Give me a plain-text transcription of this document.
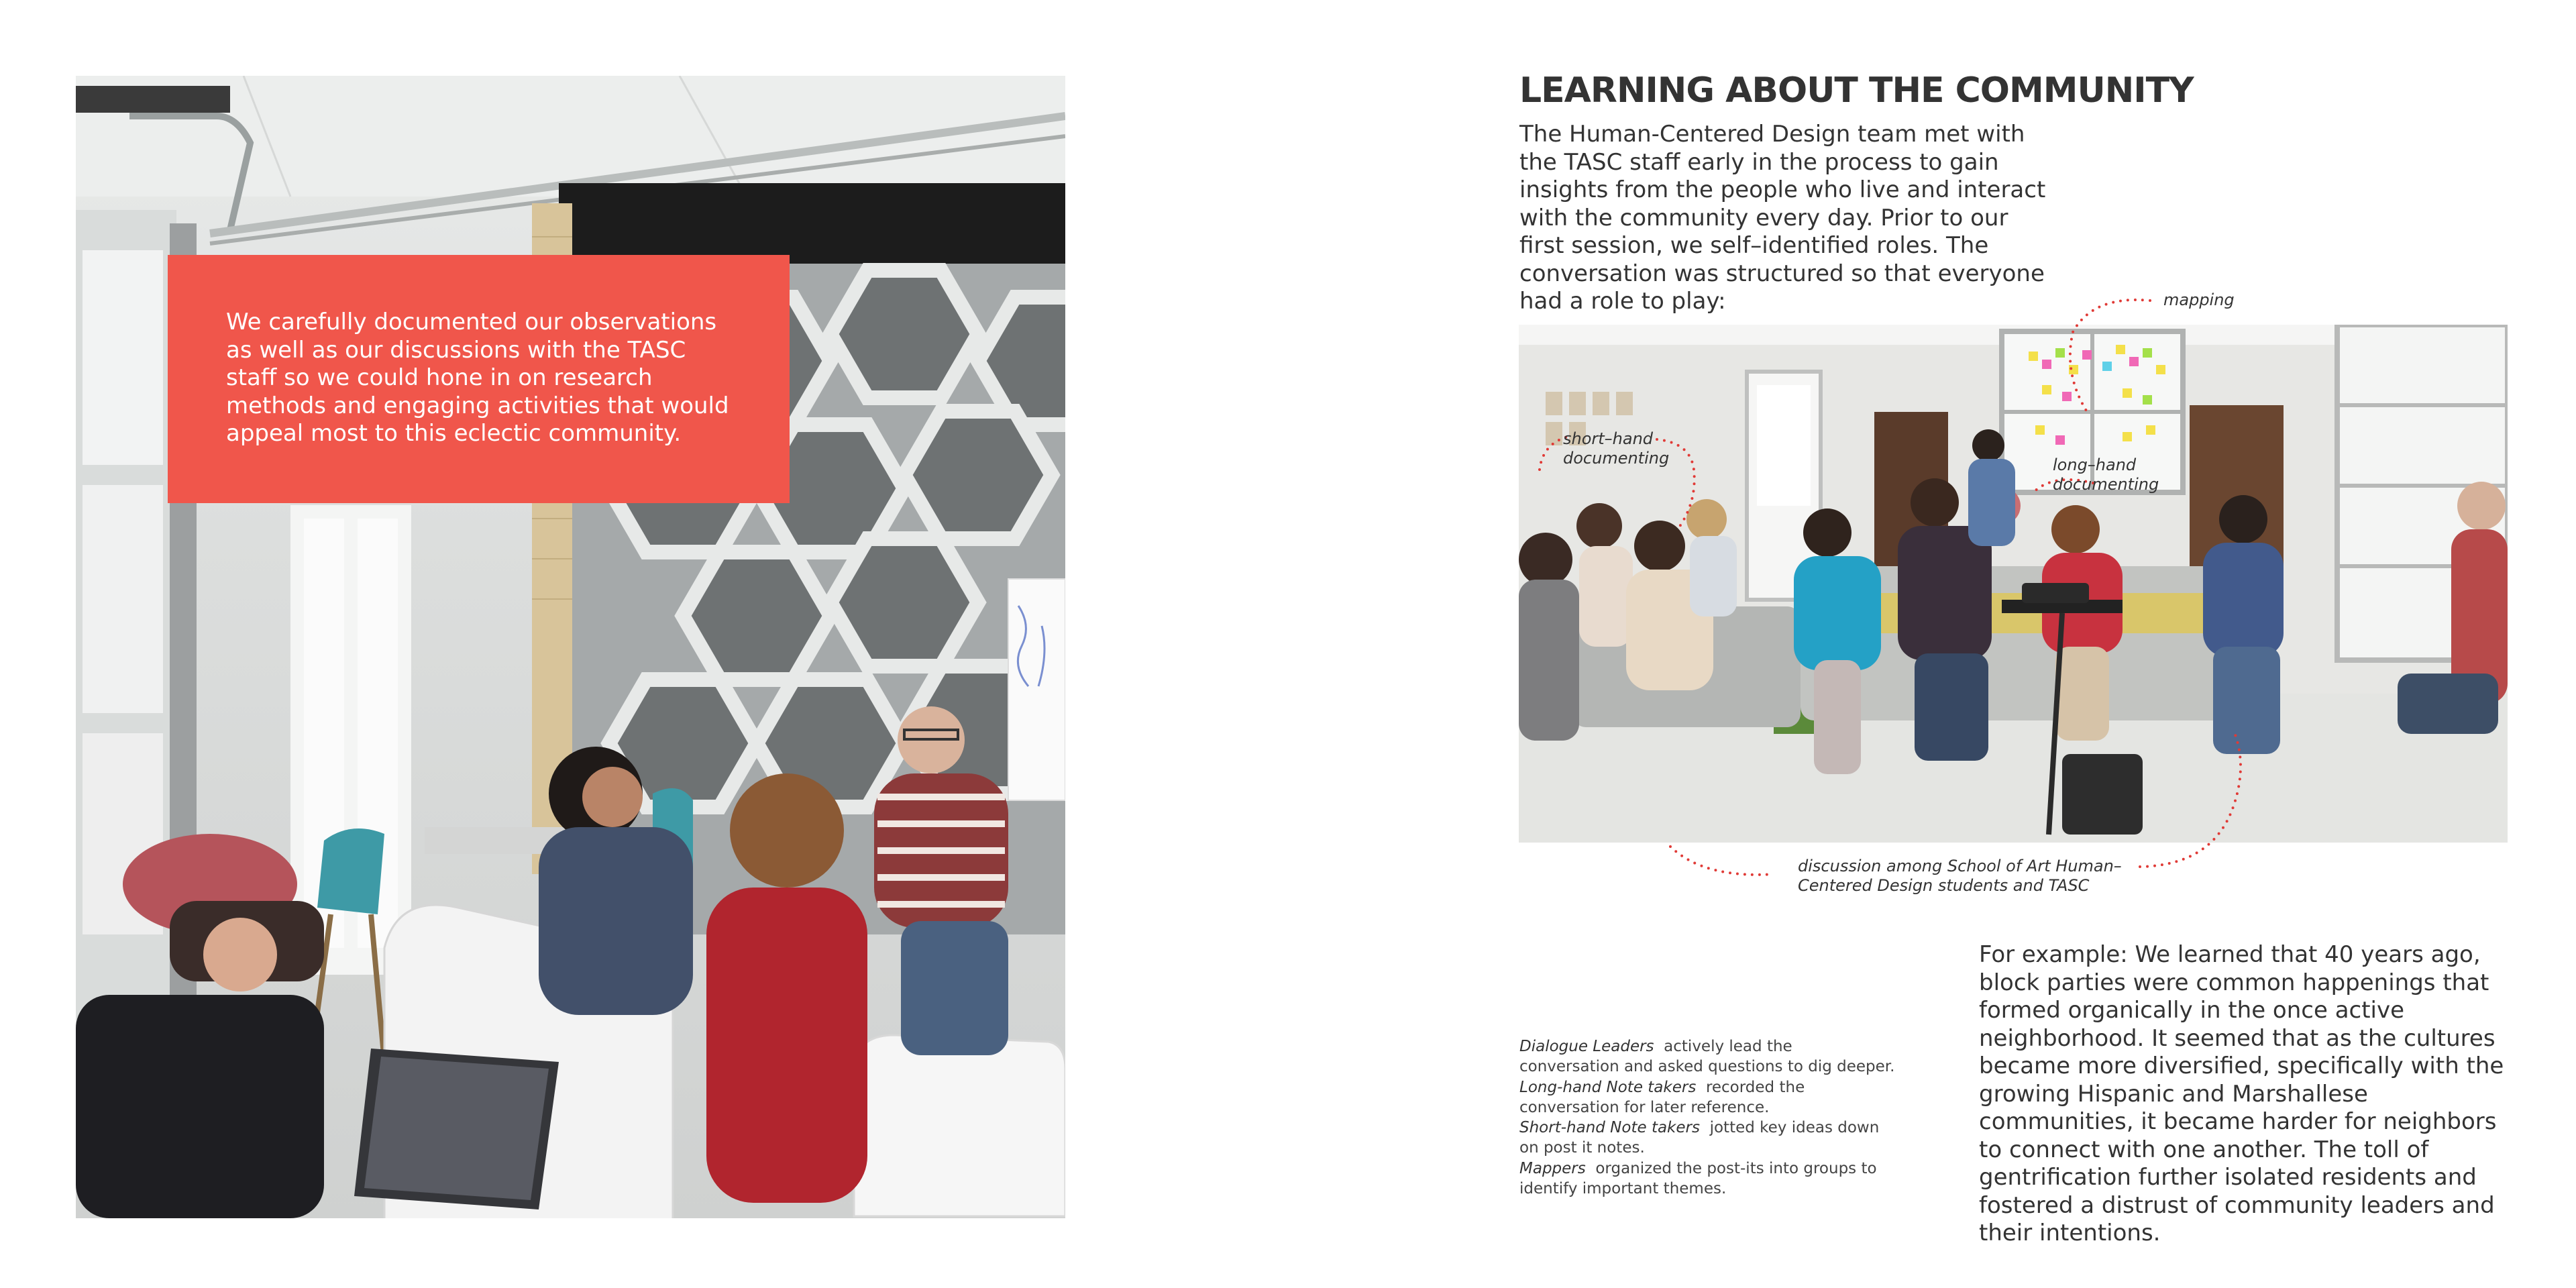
We carefully documented our observations as well as our discussions with the TASC staff so we could hone in on research methods and engaging activities that would appeal most to this eclectic community.
LEARNING ABOUT THE COMMUNITY

The Human-Centered Design team met with the TASC staff early in the process to gain insights from the people who live and interact with the community every day. Prior to our first session, we self–identified roles. The conversation was structured so that everyone had a role to play:	mapping
short–hand documenting	long–hand documenting
discussion among School of Art Human–Centered Design students and TASC

Dialogue Leaders actively lead the conversation and asked questions to dig deeper.

Long-hand Note takers recorded the conversation for later reference.

Short-hand Note takers jotted key ideas down on post it notes.

Mappers organized the post-its into groups to identify important themes.

For example: We learned that 40 years ago, block parties were common happenings that formed organically in the once active neighborhood. It seemed that as the cultures became more diversified, specifically with the growing Hispanic and Marshallese communities, it became harder for neighbors to connect with one another. The toll of gentrification further isolated residents and fostered a distrust of community leaders and their intentions.
